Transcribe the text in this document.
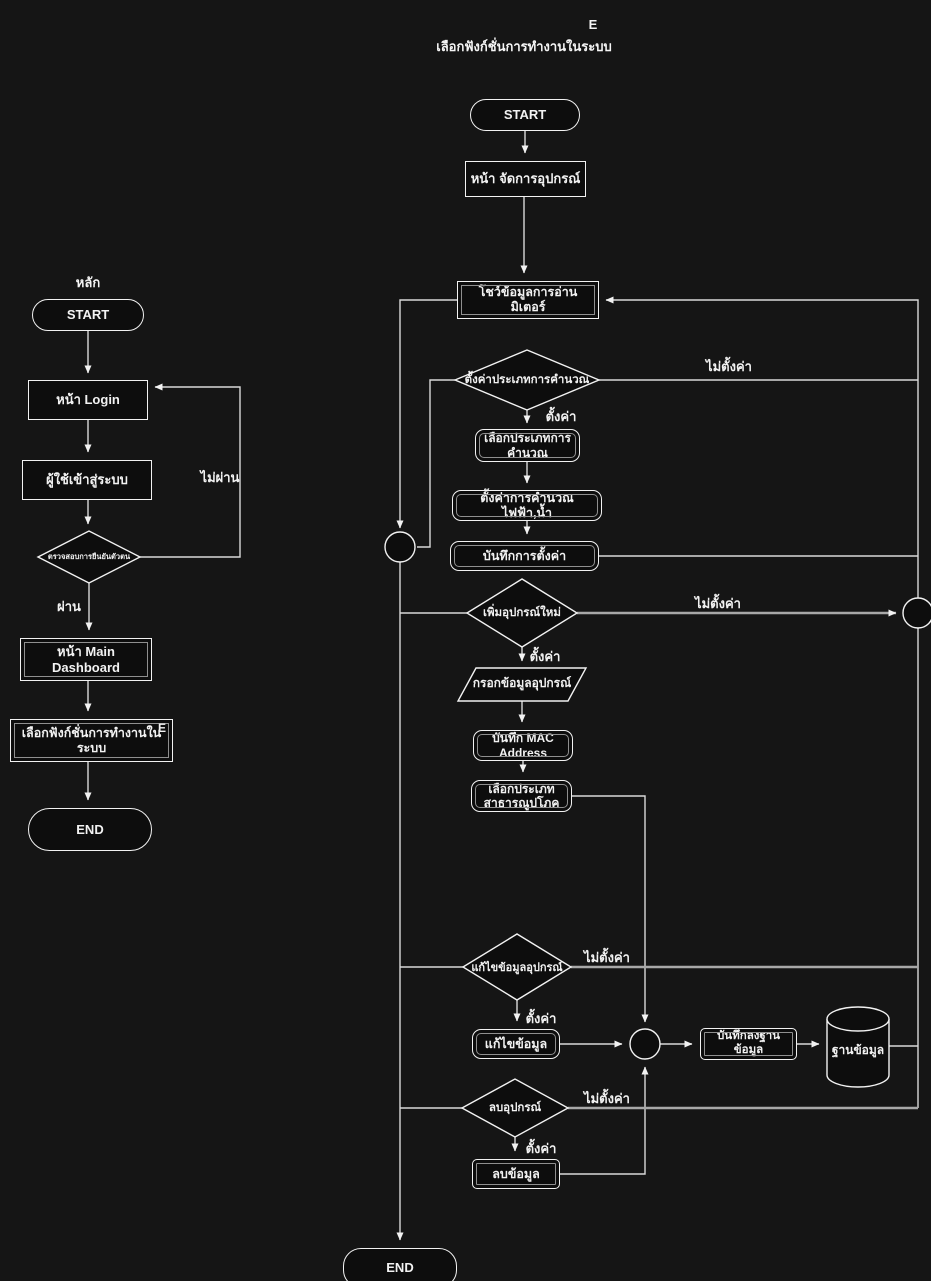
หลัก
START
หน้า Login
ผู้ใช้เข้าสู่ระบบ
ตรวจสอบการยืนยันตัวตน
หน้า Main Dashboard
E
เลือกฟังก์ชั่นการทำงานในระบบ
END
ไม่ผ่าน
ผ่าน
E
เลือกฟังก์ชั่นการทำงานในระบบ
START
หน้า จัดการอุปกรณ์
โชว์ข้อมูลการอ่านมิเตอร์
ตั้งค่าประเภทการคำนวณ
เลือกประเภทการคำนวณ
ตั้งค่าการคำนวณไฟฟ้า,น้ำ
บันทึกการตั้งค่า
เพิ่มอุปกรณ์ใหม่
กรอกข้อมูลอุปกรณ์
บันทึก MAC Address
เลือกประเภทสาธารณูปโภค
แก้ไขข้อมูลอุปกรณ์
แก้ไขข้อมูล
บันทึกลงฐานข้อมูล	ฐานข้อมูล
ลบอุปกรณ์
ลบข้อมูล
END
ไม่ตั้งค่า
ตั้งค่า
ไม่ตั้งค่า
ตั้งค่า
ไม่ตั้งค่า
ตั้งค่า
ไม่ตั้งค่า
ตั้งค่า
